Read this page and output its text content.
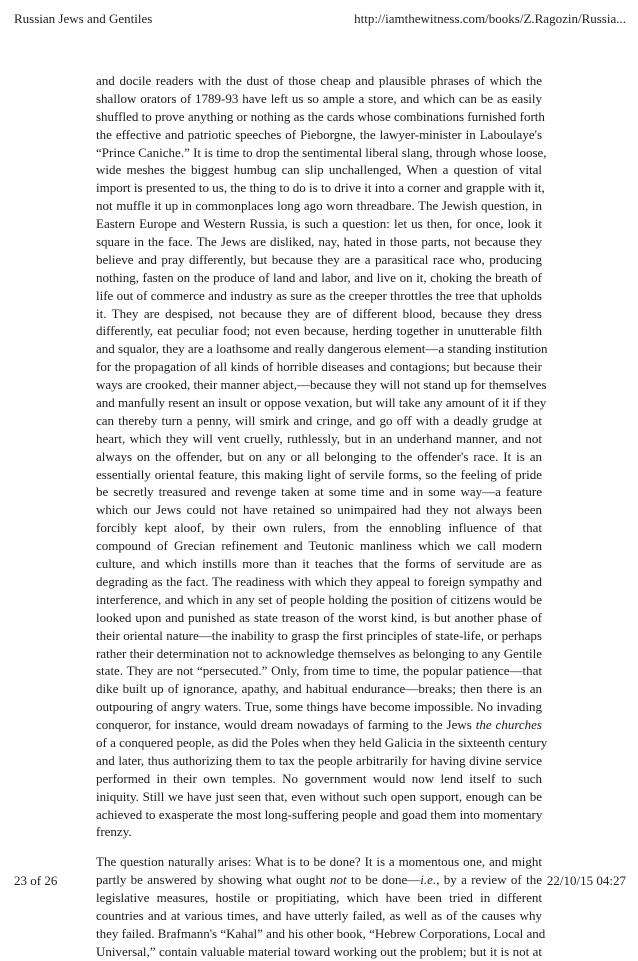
Russian Jews and Gentiles	http://iamthewitness.com/books/Z.Ragozin/Russia...
and docile readers with the dust of those cheap and plausible phrases of which the
shallow orators of 1789-93 have left us so ample a store, and which can be as easily
shuffled to prove anything or nothing as the cards whose combinations furnished forth
the effective and patriotic speeches of Pieborgne, the lawyer-minister in Laboulaye's
“Prince Caniche.” It is time to drop the sentimental liberal slang, through whose loose,
wide meshes the biggest humbug can slip unchallenged, When a question of vital
import is presented to us, the thing to do is to drive it into a corner and grapple with it,
not muffle it up in commonplaces long ago worn threadbare. The Jewish question, in
Eastern Europe and Western Russia, is such a question: let us then, for once, look it
square in the face. The Jews are disliked, nay, hated in those parts, not because they
believe and pray differently, but because they are a parasitical race who, producing
nothing, fasten on the produce of land and labor, and live on it, choking the breath of
life out of commerce and industry as sure as the creeper throttles the tree that upholds
it. They are despised, not because they are of different blood, because they dress
differently, eat peculiar food; not even because, herding together in unutterable filth
and squalor, they are a loathsome and really dangerous element—a standing institution
for the propagation of all kinds of horrible diseases and contagions; but because their
ways are crooked, their manner abject,—because they will not stand up for themselves
and manfully resent an insult or oppose vexation, but will take any amount of it if they
can thereby turn a penny, will smirk and cringe, and go off with a deadly grudge at
heart, which they will vent cruelly, ruthlessly, but in an underhand manner, and not
always on the offender, but on any or all belonging to the offender's race. It is an
essentially oriental feature, this making light of servile forms, so the feeling of pride
be secretly treasured and revenge taken at some time and in some way—a feature
which our Jews could not have retained so unimpaired had they not always been
forcibly kept aloof, by their own rulers, from the ennobling influence of that
compound of Grecian refinement and Teutonic manliness which we call modern
culture, and which instills more than it teaches that the forms of servitude are as
degrading as the fact. The readiness with which they appeal to foreign sympathy and
interference, and which in any set of people holding the position of citizens would be
looked upon and punished as state treason of the worst kind, is but another phase of
their oriental nature—the inability to grasp the first principles of state-life, or perhaps
rather their determination not to acknowledge themselves as belonging to any Gentile
state. They are not “persecuted.” Only, from time to time, the popular patience—that
dike built up of ignorance, apathy, and habitual endurance—breaks; then there is an
outpouring of angry waters. True, some things have become impossible. No invading
conqueror, for instance, would dream nowadays of farming to the Jews the churches
of a conquered people, as did the Poles when they held Galicia in the sixteenth century
and later, thus authorizing them to tax the people arbitrarily for having divine service
performed in their own temples. No government would now lend itself to such
iniquity. Still we have just seen that, even without such open support, enough can be
achieved to exasperate the most long-suffering people and goad them into momentary
frenzy.
The question naturally arises: What is to be done? It is a momentous one, and might
partly be answered by showing what ought not to be done—i.e., by a review of the
legislative measures, hostile or propitiating, which have been tried in different
countries and at various times, and have utterly failed, as well as of the causes why
they failed. Brafmann's “Kahal” and his other book, “Hebrew Corporations, Local and
Universal,” contain valuable material toward working out the problem; but it is not at
23 of 26	22/10/15 04:27
